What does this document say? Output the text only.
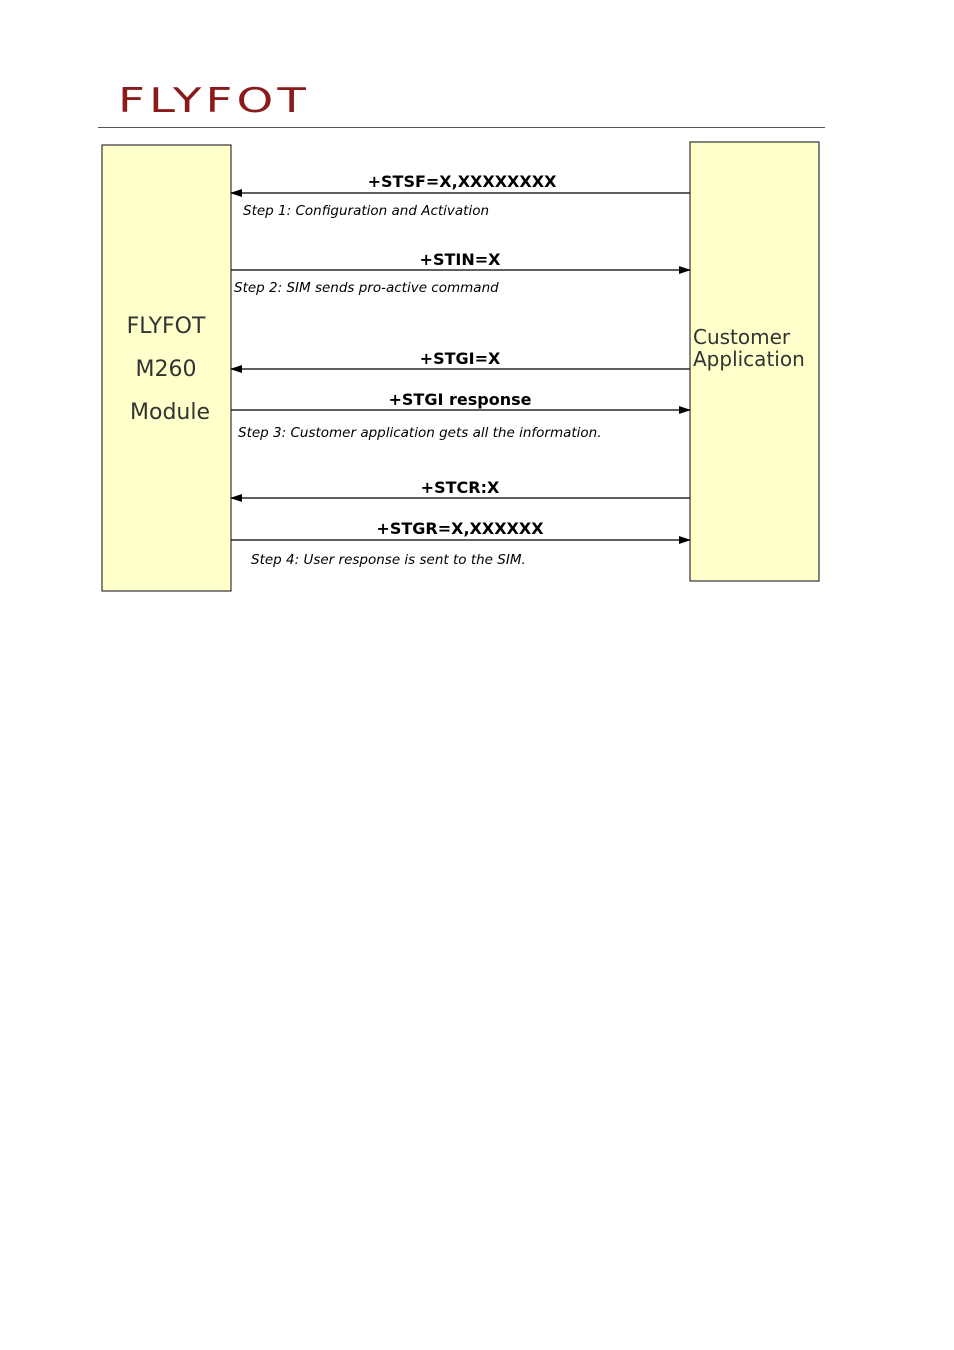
FLYFOT
FLYFOT
M260
Module
Customer
Application
+STSF=X,XXXXXXXX
Step 1: Configuration and Activation
+STIN=X
Step 2: SIM sends pro-active command
+STGI=X
+STGI response
Step 3: Customer application gets all the information.
+STCR:X
+STGR=X,XXXXXX
Step 4: User response is sent to the SIM.
